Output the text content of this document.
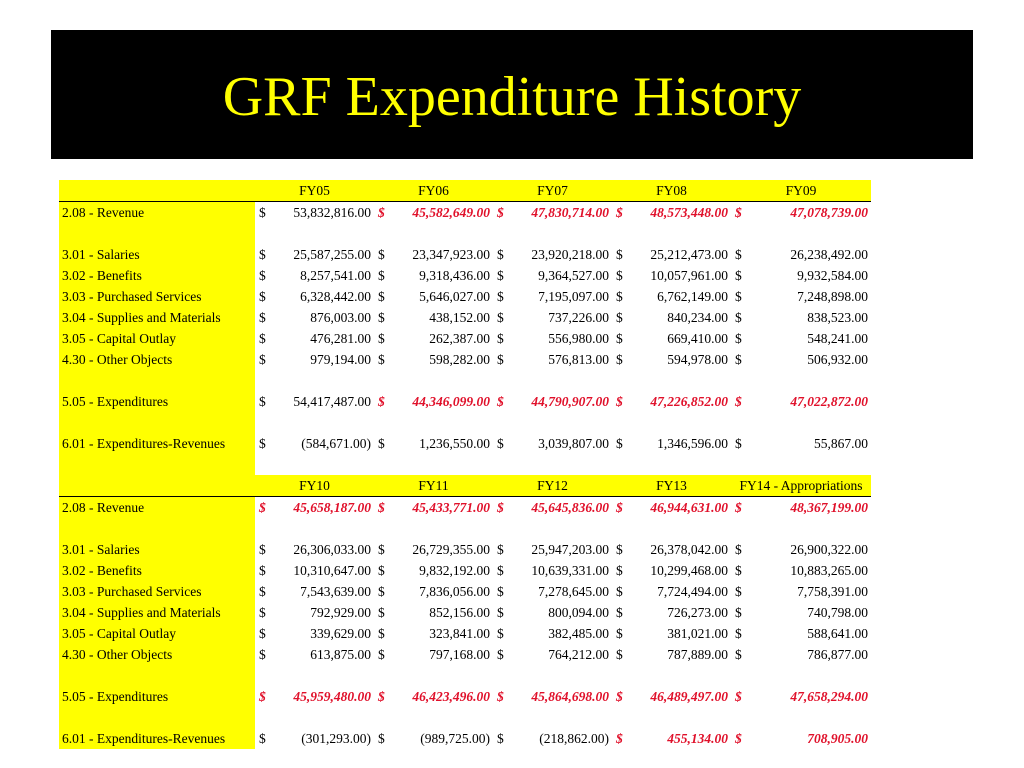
GRF Expenditure History
	FY05		FY06		FY07		FY08		FY09	
2.08 - Revenue	$	53,832,816.00	$	45,582,649.00	$	47,830,714.00	$	48,573,448.00	$	47,078,739.00

3.01 - Salaries	$	25,587,255.00	$	23,347,923.00	$	23,920,218.00	$	25,212,473.00	$	26,238,492.00
3.02 - Benefits	$	8,257,541.00	$	9,318,436.00	$	9,364,527.00	$	10,057,961.00	$	9,932,584.00
3.03 - Purchased Services	$	6,328,442.00	$	5,646,027.00	$	7,195,097.00	$	6,762,149.00	$	7,248,898.00
3.04 - Supplies and Materials	$	876,003.00	$	438,152.00	$	737,226.00	$	840,234.00	$	838,523.00
3.05 - Capital Outlay	$	476,281.00	$	262,387.00	$	556,980.00	$	669,410.00	$	548,241.00
4.30 - Other Objects	$	979,194.00	$	598,282.00	$	576,813.00	$	594,978.00	$	506,932.00

5.05 - Expenditures	$	54,417,487.00	$	44,346,099.00	$	44,790,907.00	$	47,226,852.00	$	47,022,872.00

6.01 - Expenditures-Revenues	$	(584,671.00)	$	1,236,550.00	$	3,039,807.00	$	1,346,596.00	$	55,867.00

	FY10		FY11		FY12		FY13		FY14 - Appropriations	
2.08 - Revenue	$	45,658,187.00	$	45,433,771.00	$	45,645,836.00	$	46,944,631.00	$	48,367,199.00

3.01 - Salaries	$	26,306,033.00	$	26,729,355.00	$	25,947,203.00	$	26,378,042.00	$	26,900,322.00
3.02 - Benefits	$	10,310,647.00	$	9,832,192.00	$	10,639,331.00	$	10,299,468.00	$	10,883,265.00
3.03 - Purchased Services	$	7,543,639.00	$	7,836,056.00	$	7,278,645.00	$	7,724,494.00	$	7,758,391.00
3.04 - Supplies and Materials	$	792,929.00	$	852,156.00	$	800,094.00	$	726,273.00	$	740,798.00
3.05 - Capital Outlay	$	339,629.00	$	323,841.00	$	382,485.00	$	381,021.00	$	588,641.00
4.30 - Other Objects	$	613,875.00	$	797,168.00	$	764,212.00	$	787,889.00	$	786,877.00

5.05 - Expenditures	$	45,959,480.00	$	46,423,496.00	$	45,864,698.00	$	46,489,497.00	$	47,658,294.00

6.01 - Expenditures-Revenues	$	(301,293.00)	$	(989,725.00)	$	(218,862.00)	$	455,134.00	$	708,905.00
